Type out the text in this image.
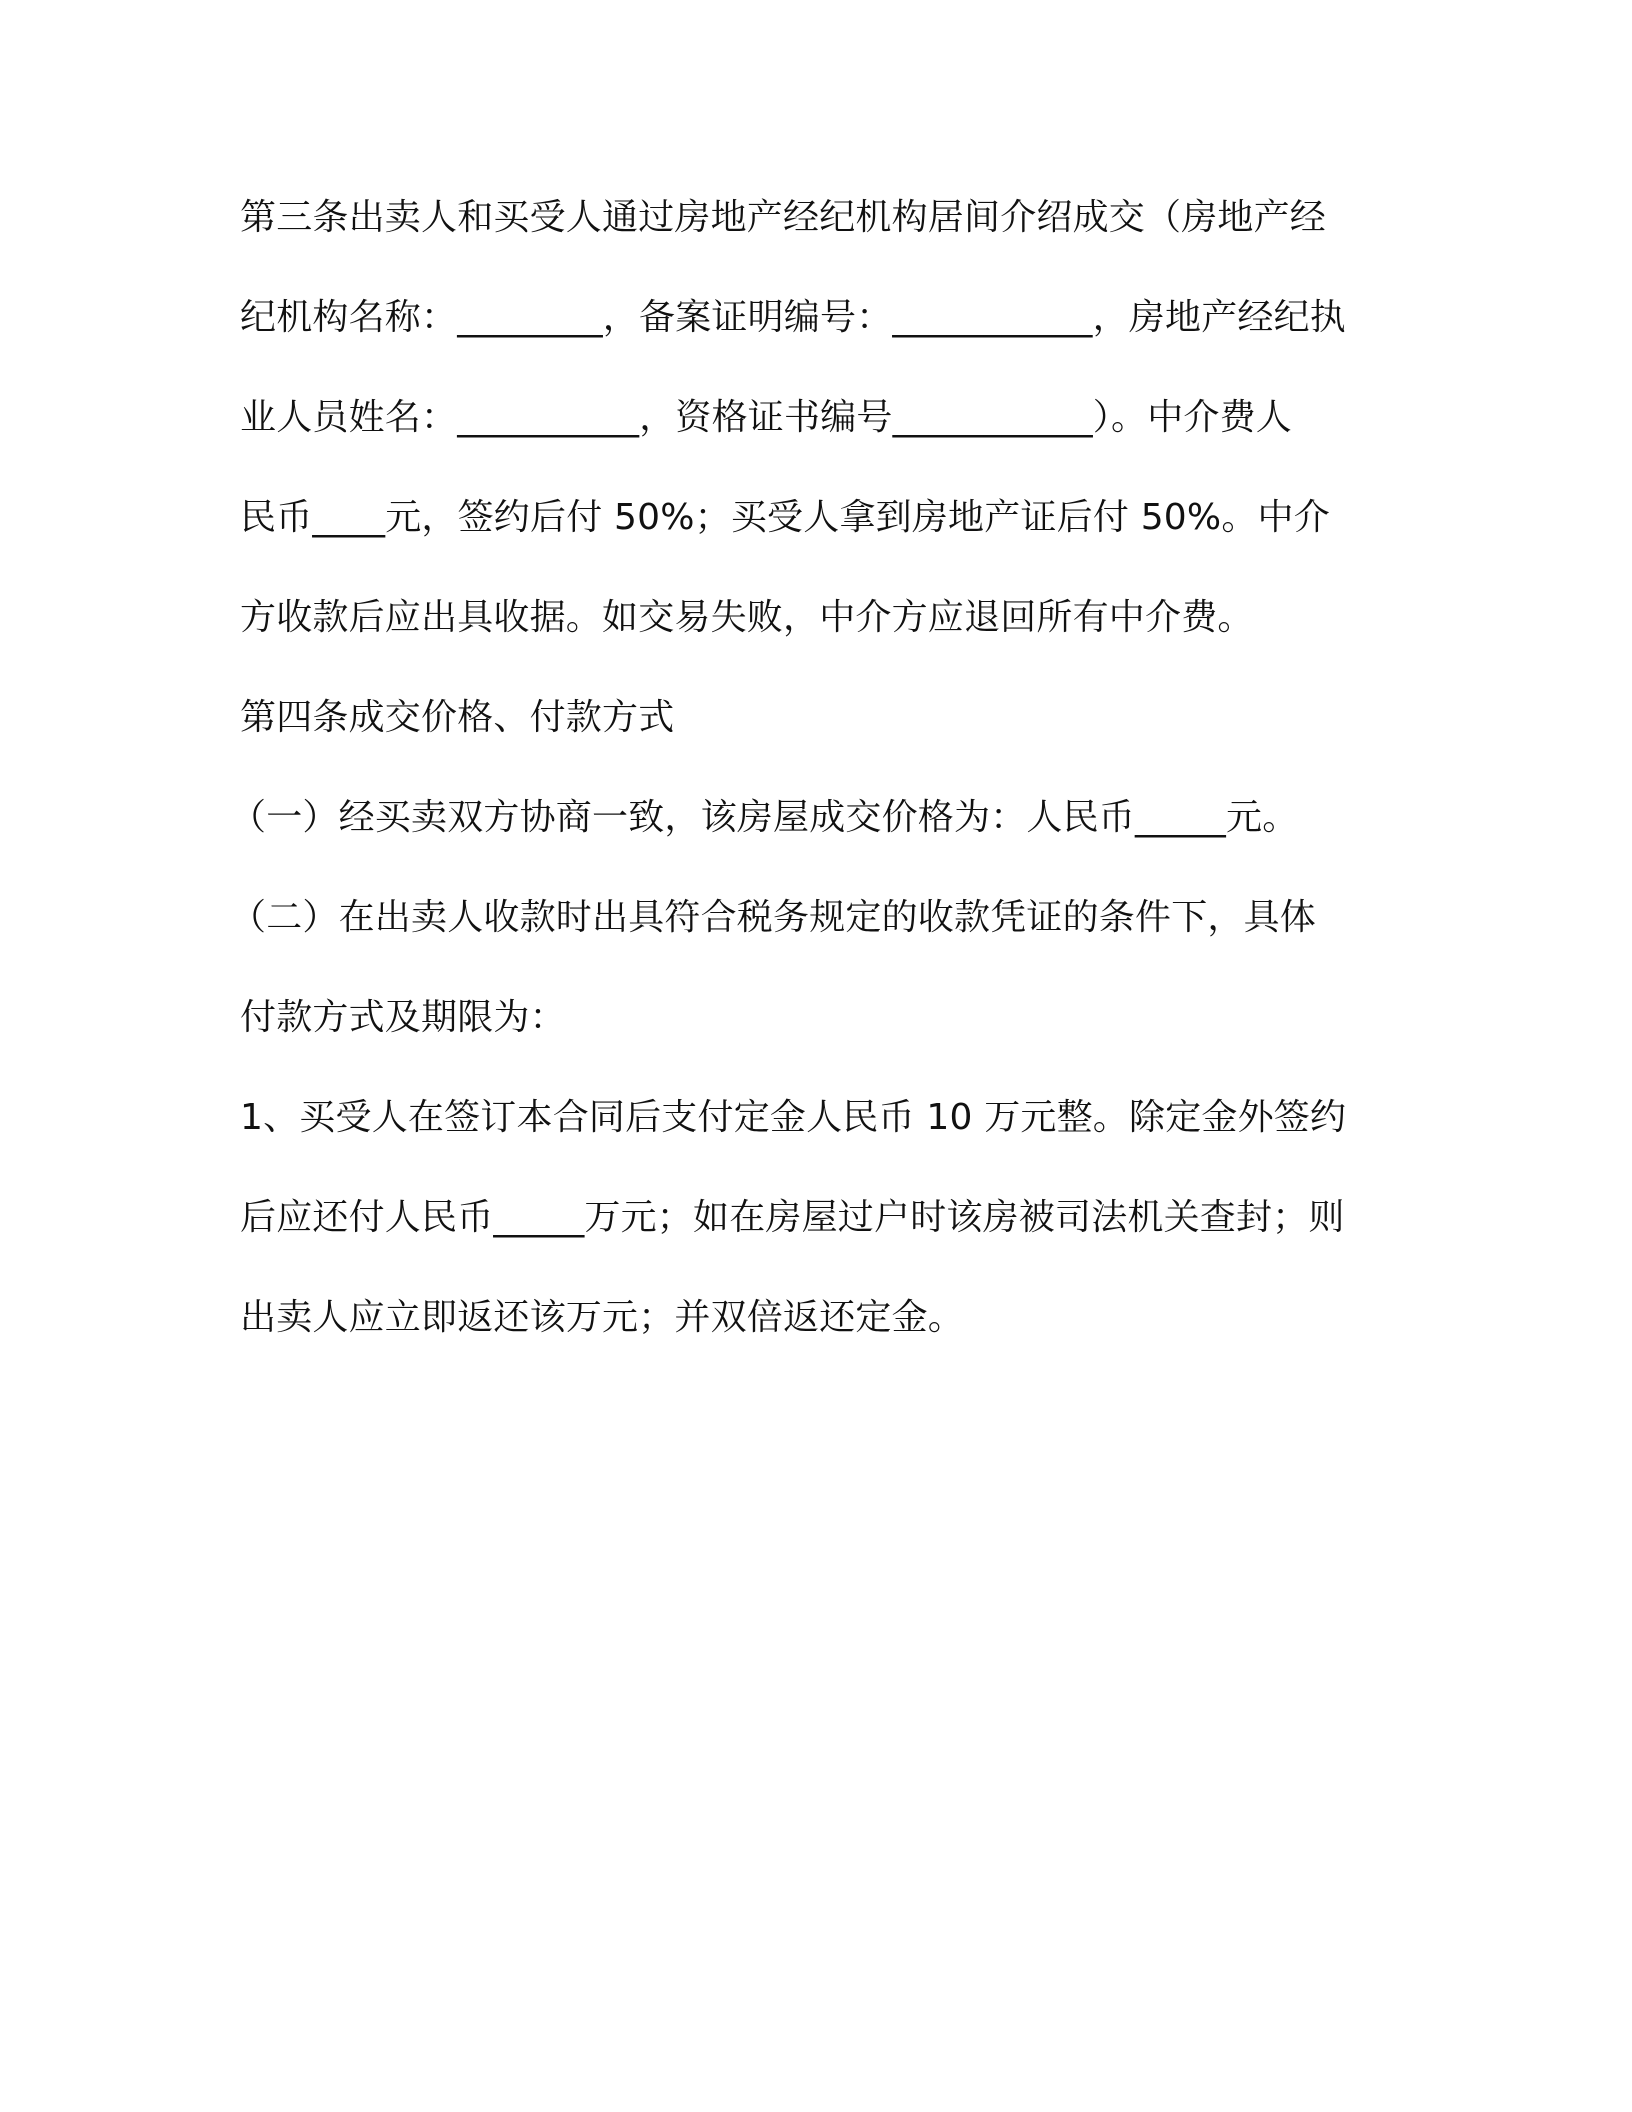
第三条出卖人和买受人通过房地产经纪机构居间介绍成交（房地产经
纪机构名称：________，备案证明编号：___________，房地产经纪执
业人员姓名：__________，资格证书编号___________）。中介费人
民币____元，签约后付 50%；买受人拿到房地产证后付 50%。中介
方收款后应出具收据。如交易失败，中介方应退回所有中介费。
第四条成交价格、付款方式
（一）经买卖双方协商一致，该房屋成交价格为：人民币_____元。
（二）在出卖人收款时出具符合税务规定的收款凭证的条件下，具体
付款方式及期限为：
1、买受人在签订本合同后支付定金人民币 10 万元整。除定金外签约
后应还付人民币_____万元；如在房屋过户时该房被司法机关查封；则
出卖人应立即返还该万元；并双倍返还定金。
